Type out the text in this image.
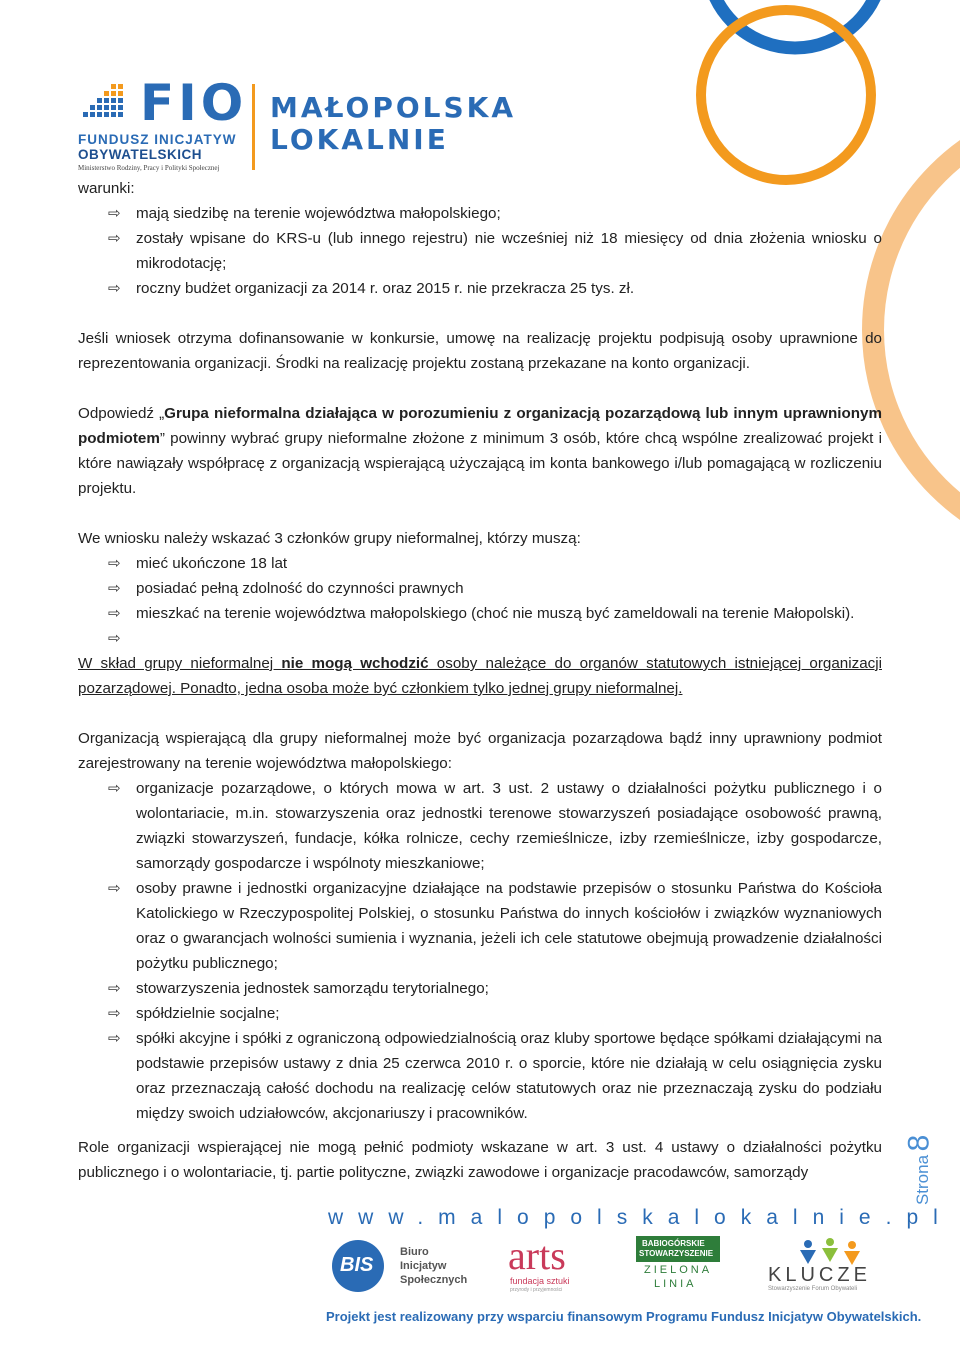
FIO
FUNDUSZ INICJATYW
OBYWATELSKICH
Ministerstwo Rodziny, Pracy i Polityki Społecznej
MAŁOPOLSKA
LOKALNIE

warunki:

⇨ mają siedzibę na terenie województwa małopolskiego;

⇨ zostały wpisane do KRS-u (lub innego rejestru) nie wcześniej niż 18 miesięcy od dnia złożenia wniosku o mikrodotację;

⇨ roczny budżet organizacji za 2014 r. oraz 2015 r. nie przekracza 25 tys. zł.

Jeśli wniosek otrzyma dofinansowanie w konkursie, umowę na realizację projektu podpisują osoby uprawnione do reprezentowania organizacji. Środki na realizację projektu zostaną przekazane na konto organizacji.

Odpowiedź „Grupa nieformalna działająca w porozumieniu z organizacją pozarządową lub innym uprawnionym podmiotem” powinny wybrać grupy nieformalne złożone z minimum 3 osób, które chcą wspólne zrealizować projekt i które nawiązały współpracę z organizacją wspierającą użyczającą im konta bankowego i/lub pomagającą w rozliczeniu projektu.

We wniosku należy wskazać 3 członków grupy nieformalnej, którzy muszą:

⇨ mieć ukończone 18 lat

⇨ posiadać pełną zdolność do czynności prawnych

⇨ mieszkać na terenie województwa małopolskiego (choć nie muszą być zameldowali na terenie Małopolski).

⇨

W skład grupy nieformalnej nie mogą wchodzić osoby należące do organów statutowych istniejącej organizacji pozarządowej. Ponadto, jedna osoba może być członkiem tylko jednej grupy nieformalnej.

Organizacją wspierającą dla grupy nieformalnej może być organizacja pozarządowa bądź inny uprawniony podmiot zarejestrowany na terenie województwa małopolskiego:

⇨ organizacje pozarządowe, o których mowa w art. 3 ust. 2 ustawy o działalności pożytku publicznego i o wolontariacie, m.in. stowarzyszenia oraz jednostki terenowe stowarzyszeń posiadające osobowość prawną, związki stowarzyszeń, fundacje, kółka rolnicze, cechy rzemieślnicze, izby rzemieślnicze, izby gospodarcze, samorządy gospodarcze i wspólnoty mieszkaniowe;

⇨ osoby prawne i jednostki organizacyjne działające na podstawie przepisów o stosunku Państwa do Kościoła Katolickiego w Rzeczypospolitej Polskiej, o stosunku Państwa do innych kościołów i związków wyznaniowych oraz o gwarancjach wolności sumienia i wyznania, jeżeli ich cele statutowe obejmują prowadzenie działalności pożytku publicznego;

⇨ stowarzyszenia jednostek samorządu terytorialnego;

⇨ spółdzielnie socjalne;

⇨ spółki akcyjne i spółki z ograniczoną odpowiedzialnością oraz kluby sportowe będące spółkami działającymi na podstawie przepisów ustawy z dnia 25 czerwca 2010 r. o sporcie, które nie działają w celu osiągnięcia zysku oraz przeznaczają całość dochodu na realizację celów statutowych oraz nie przeznaczają zysku do podziału między swoich udziałowców, akcjonariuszy i pracowników.

Role organizacji wspierającej nie mogą pełnić podmioty wskazane w art. 3 ust. 4 ustawy o działalności pożytku publicznego i o wolontariacie, tj. partie polityczne, związki zawodowe i organizacje pracodawców, samorządy	Strona
8
www.malopolskalokalnie.pl
BIS
Biuro
Inicjatyw
Społecznych
arts
fundacja sztuki
przyrody i przyjemności
BABIOGÓRSKIE
STOWARZYSZENIE
ZIELONA
LINIA	KLUCZE
Stowarzyszenie Forum Obywateli
Projekt jest realizowany przy wsparciu finansowym Programu Fundusz Inicjatyw Obywatelskich.
